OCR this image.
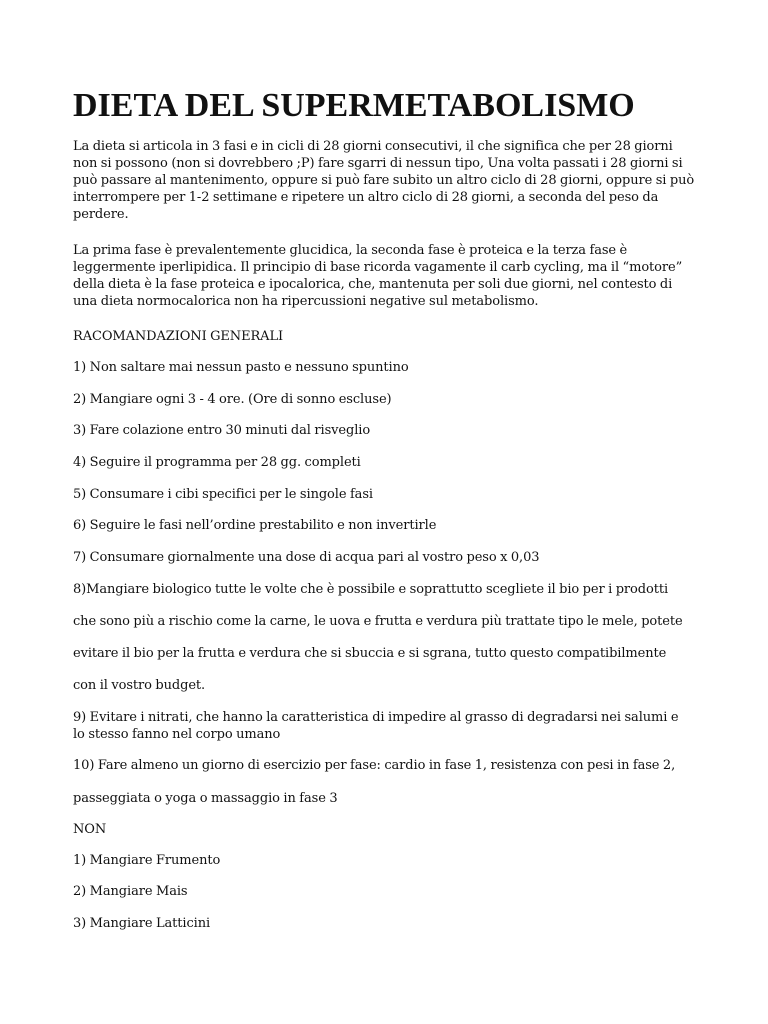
DIETA DEL SUPERMETABOLISMO

La dieta si articola in 3 fasi e in cicli di 28 giorni consecutivi, il che significa che per 28 giorni non si possono (non si dovrebbero ;P) fare sgarri di nessun tipo, Una volta passati i 28 giorni si può passare al mantenimento, oppure si può fare subito un altro ciclo di 28 giorni, oppure si può interrompere per 1-2 settimane e ripetere un altro ciclo di 28 giorni, a seconda del peso da perdere.

La prima fase è prevalentemente glucidica, la seconda fase è proteica e la terza fase è leggermente iperlipidica. Il principio di base ricorda vagamente il carb cycling, ma il “motore” della dieta è la fase proteica e ipocalorica, che, mantenuta per soli due giorni, nel contesto di una dieta normocalorica non ha ripercussioni negative sul metabolismo.

RACOMANDAZIONI GENERALI

1) Non saltare mai nessun pasto e nessuno spuntino

2) Mangiare ogni 3 - 4 ore. (Ore di sonno escluse)

3) Fare colazione entro 30 minuti dal risveglio

4) Seguire il programma per 28 gg. completi

5) Consumare i cibi specifici per le singole fasi

6) Seguire le fasi nell’ordine prestabilito e non invertirle

7) Consumare giornalmente una dose di acqua pari al vostro peso x 0,03

8)Mangiare biologico tutte le volte che è possibile e soprattutto scegliete il bio per i prodotti

che sono più a rischio come la carne, le uova e frutta e verdura più trattate tipo le mele, potete

evitare il bio per la frutta e verdura che si sbuccia e si sgrana, tutto questo compatibilmente

con il vostro budget.

9) Evitare i nitrati, che hanno la caratteristica di impedire al grasso di degradarsi nei salumi e

lo stesso fanno nel corpo umano

10) Fare almeno un giorno di esercizio per fase: cardio in fase 1, resistenza con pesi in fase 2,

passeggiata o yoga o massaggio in fase 3

NON

1) Mangiare Frumento

2) Mangiare Mais

3) Mangiare Latticini
